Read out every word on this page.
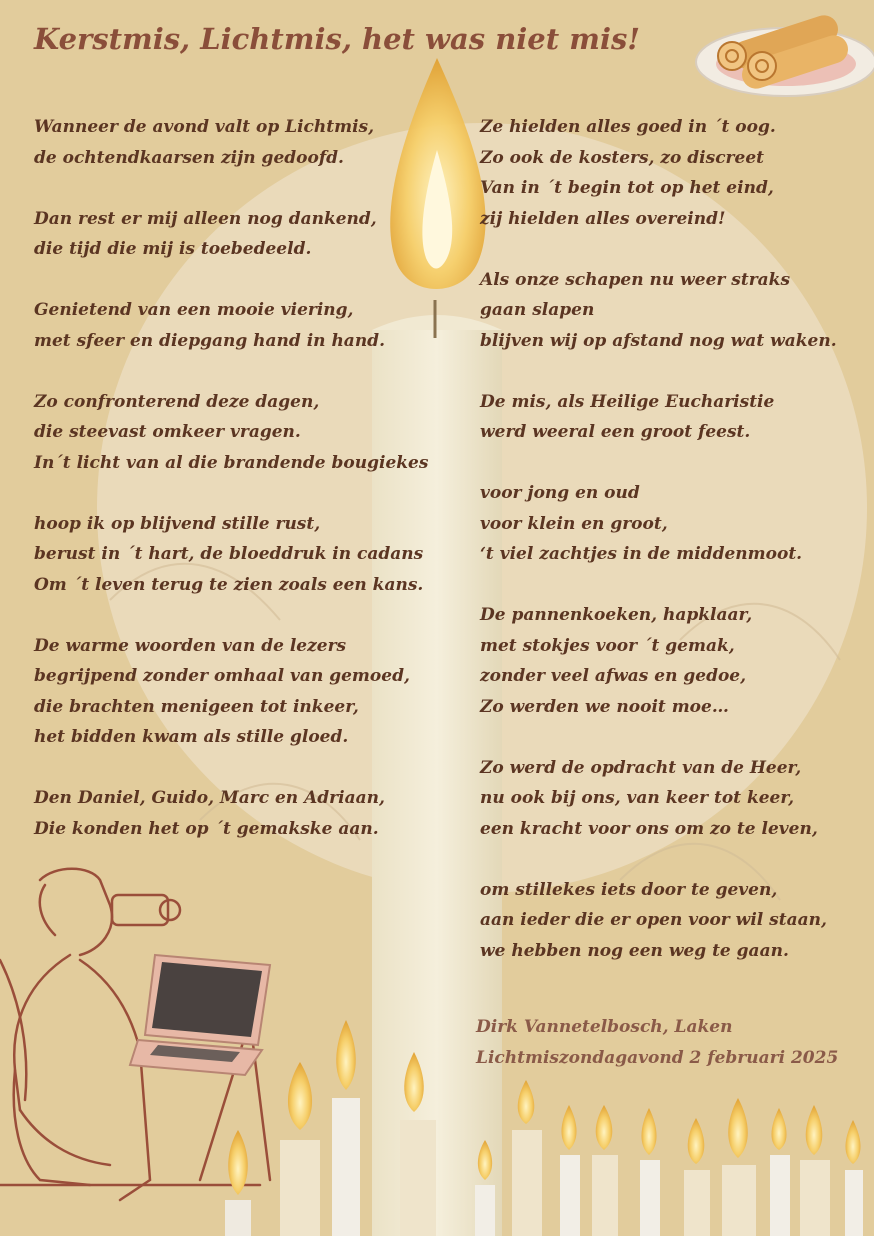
Kerstmis, Lichtmis, het was niet mis!
Wanneer de avond valt op Lichtmis,
de ochtendkaarsen zijn gedoofd.
Dan rest er mij alleen nog dankend,
die tijd die mij is toebedeeld.
Genietend van een mooie viering,
met sfeer en diepgang hand in hand.
Zo confronterend deze dagen,
die steevast omkeer vragen.
In´t licht van al die brandende bougiekes
hoop ik op blijvend stille rust,
berust in ´t hart, de bloeddruk in cadans
Om ´t leven terug te zien zoals een kans.
De warme woorden van de lezers
begrijpend zonder omhaal van gemoed,
die brachten menigeen tot inkeer,
het bidden kwam als stille gloed.
Den Daniel, Guido, Marc en Adriaan,
Die konden het op ´t gemakske aan.
Ze hielden alles goed in ´t oog.
Zo ook de kosters, zo discreet
Van in ´t begin tot op het eind,
zij hielden alles overeind!
Als onze schapen nu weer straks
gaan slapen
blijven wij op afstand nog wat waken.
De mis, als Heilige Eucharistie
werd weeral een groot feest.
voor jong en oud
voor klein en groot,
‘t viel zachtjes in de middenmoot.
De pannenkoeken, hapklaar,
met stokjes voor ´t gemak,
zonder veel afwas en gedoe,
Zo werden we nooit moe…
Zo werd de opdracht van de Heer,
nu ook bij ons, van keer tot keer,
een kracht voor ons om zo te leven,
om stillekes iets door te geven,
aan ieder die er open voor wil staan,
we hebben nog een weg te gaan.
Dirk Vannetelbosch, Laken
Lichtmiszondagavond 2 februari 2025
